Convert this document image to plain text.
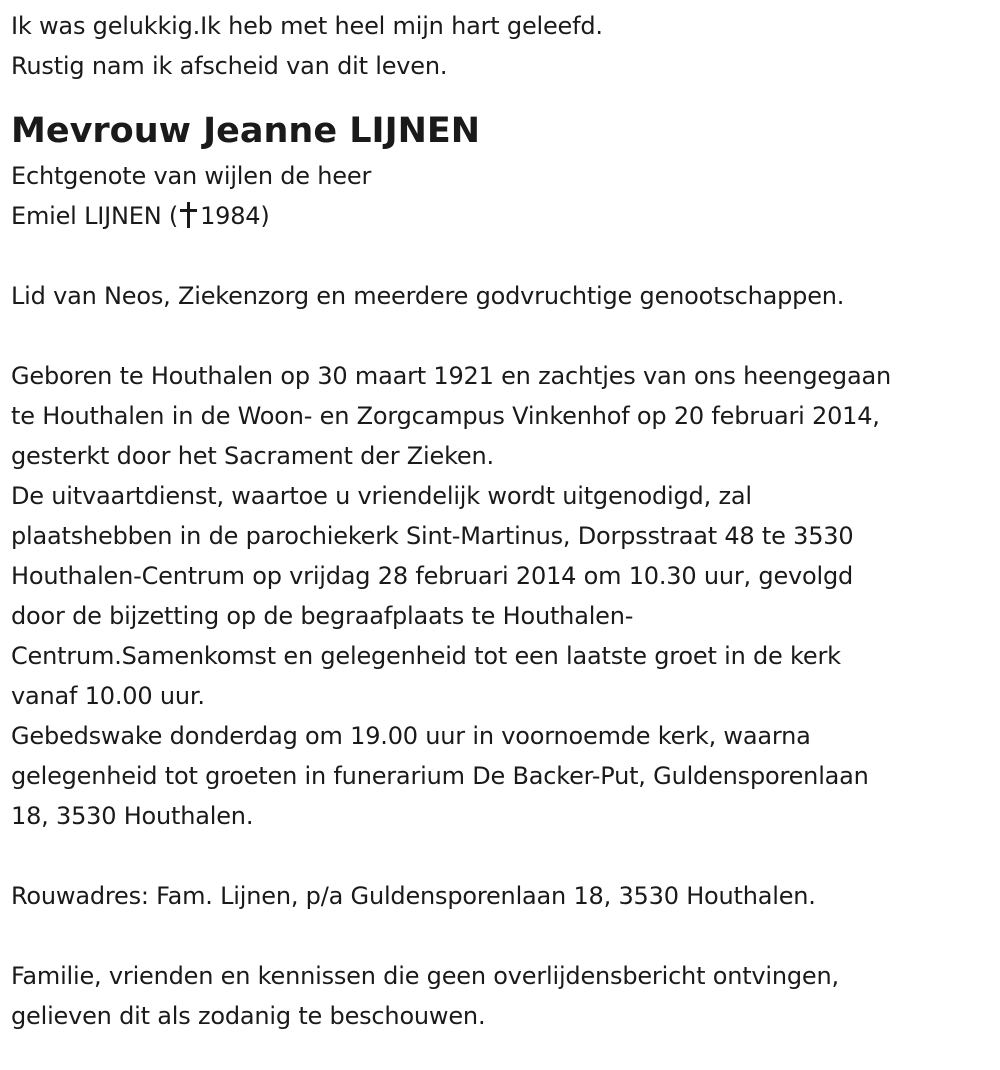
Ik was gelukkig.Ik heb met heel mijn hart geleefd.
Rustig nam ik afscheid van dit leven.
Mevrouw Jeanne LIJNEN
Echtgenote van wijlen de heer
Emiel LIJNEN ( 1984)
Lid van Neos, Ziekenzorg en meerdere godvruchtige genootschappen.
Geboren te Houthalen op 30 maart 1921 en zachtjes van ons heengegaan
te Houthalen in de Woon- en Zorgcampus Vinkenhof op 20 februari 2014,
gesterkt door het Sacrament der Zieken.
De uitvaartdienst, waartoe u vriendelijk wordt uitgenodigd, zal
plaatshebben in de parochiekerk Sint-Martinus, Dorpsstraat 48 te 3530
Houthalen-Centrum op vrijdag 28 februari 2014 om 10.30 uur, gevolgd
door de bijzetting op de begraafplaats te Houthalen-
Centrum.Samenkomst en gelegenheid tot een laatste groet in de kerk
vanaf 10.00 uur.
Gebedswake donderdag om 19.00 uur in voornoemde kerk, waarna
gelegenheid tot groeten in funerarium De Backer-Put, Guldensporenlaan
18, 3530 Houthalen.
Rouwadres: Fam. Lijnen, p/a Guldensporenlaan 18, 3530 Houthalen.
Familie, vrienden en kennissen die geen overlijdensbericht ontvingen,
gelieven dit als zodanig te beschouwen.
